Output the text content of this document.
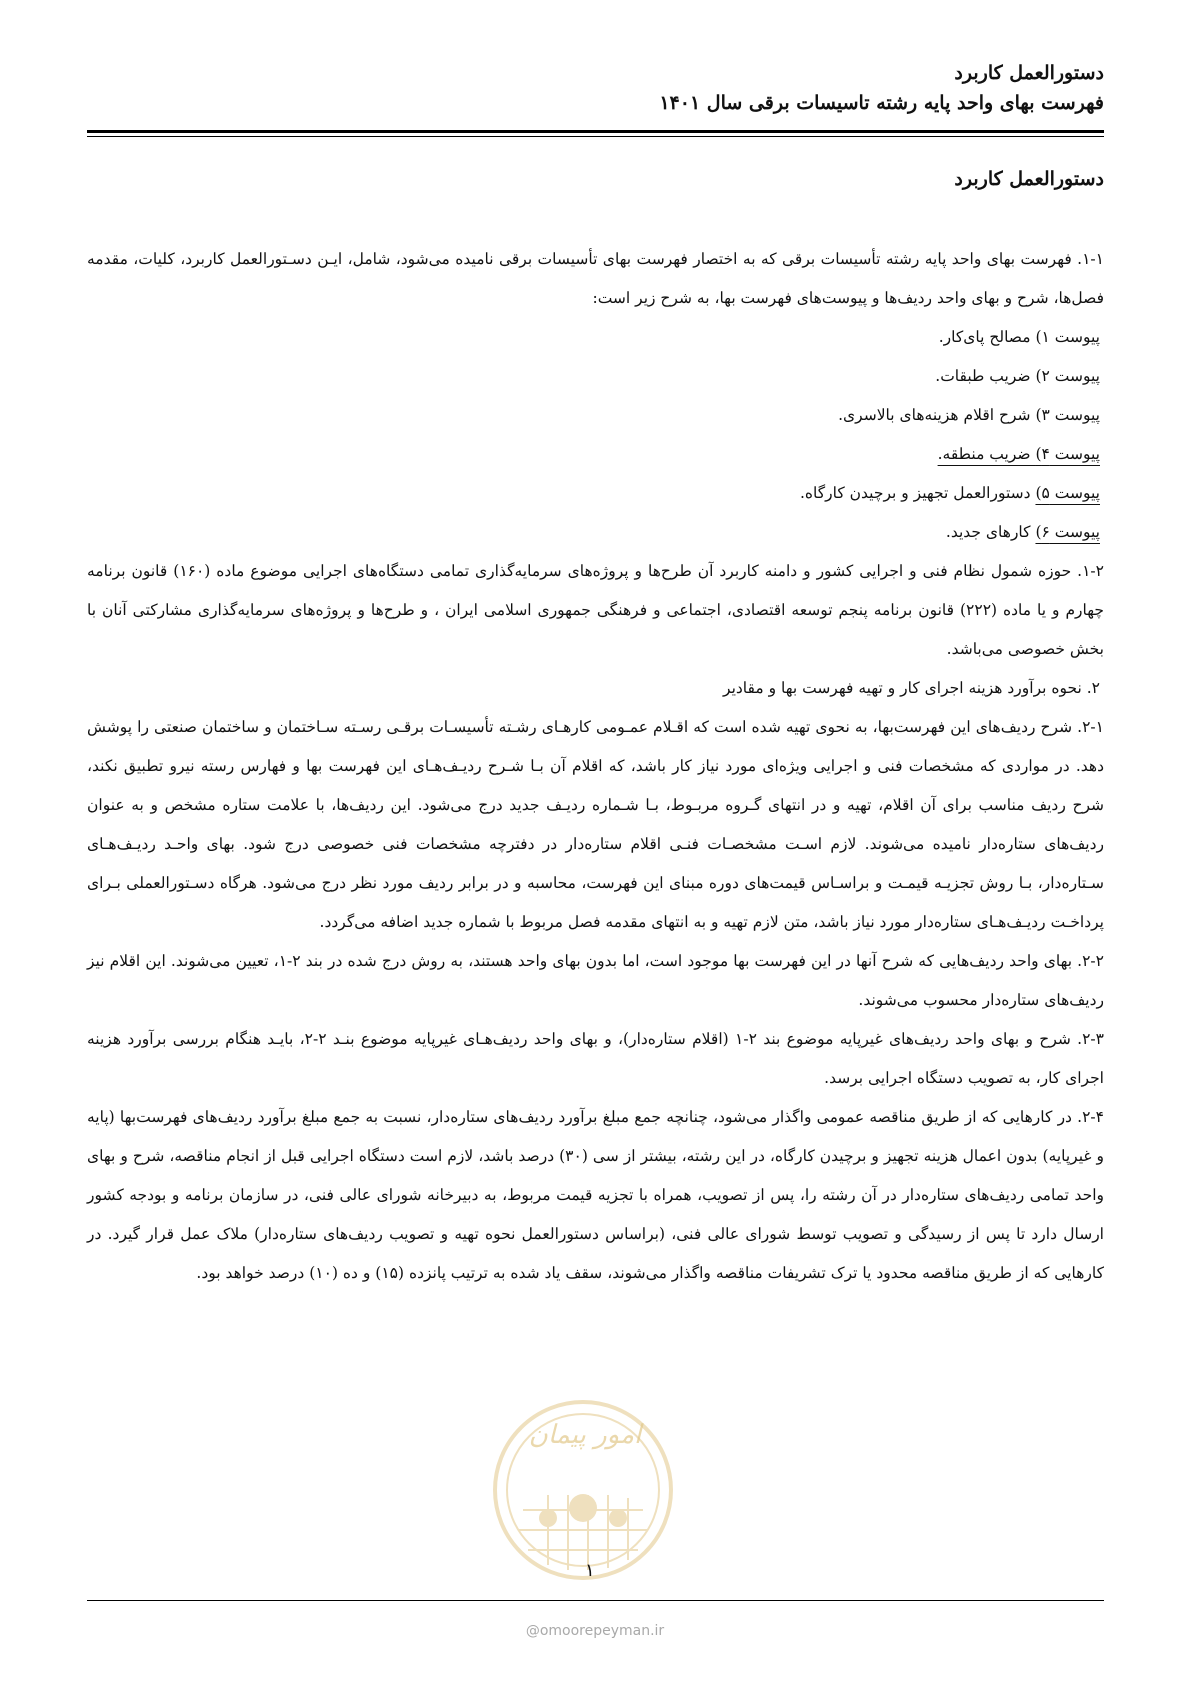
دستورالعمل کاربرد
فهرست بهای واحد پایه رشته تاسیسات برقی سال ۱۴۰۱
دستورالعمل کاربرد

۱-۱. فهرست بهای واحد پایه رشته تأسیسات برقی که به اختصار فهرست بهای تأسیسات برقی نامیده می‌شود، شامل، ایـن دسـتورالعمل کاربرد، کلیات، مقدمه فصل‌ها، شرح و بهای واحد ردیف‌ها و پیوست‌های فهرست بها، به شرح زیر است:

پیوست ۱) مصالح پای‌کار.
پیوست ۲) ضریب طبقات.
پیوست ۳) شرح اقلام هزینه‌های بالاسری.
پیوست ۴) ضریب منطقه.
پیوست ۵) دستورالعمل تجهیز و برچیدن کارگاه.
پیوست ۶) کارهای جدید.

۱-۲. حوزه شمول نظام فنی و اجرایی کشور و دامنه کاربرد آن طرح‌ها و پروژه‌های سرمایه‌گذاری تمامی دستگاه‌های اجرایی موضوع ماده (۱۶۰) قانون برنامه چهارم و یا ماده (۲۲۲) قانون برنامه پنجم توسعه اقتصادی، اجتماعی و فرهنگی جمهوری اسلامی ایران ، و طرح‌ها و پروژه‌های سرمایه‌گذاری مشارکتی آنان با بخش خصوصی می‌باشد.

۲. نحوه برآورد هزینه اجرای کار و تهیه فهرست بها و مقادیر

۲-۱. شرح ردیف‌های این فهرست‌بها، به نحوی تهیه شده است که اقـلام عمـومی کارهـای رشـته تأسیسـات برقـی رسـته سـاختمان و ساختمان صنعتی را پوشش دهد. در مواردی که مشخصات فنی و اجرایی ویژه‌ای مورد نیاز کار باشد، که اقلام آن بـا شـرح ردیـف‌هـای این فهرست بها و فهارس رسته نیرو تطبیق نکند، شرح ردیف مناسب برای آن اقلام، تهیه و در انتهای گـروه مربـوط، بـا شـماره ردیـف جدید درج می‌شود. این ردیف‌ها، با علامت ستاره مشخص و به عنوان ردیف‌های ستاره‌دار نامیده می‌شوند. لازم اسـت مشخصـات فنـی اقلام ستاره‌دار در دفترچه مشخصات فنی خصوصی درج شود. بهای واحـد ردیـف‌هـای سـتاره‌دار، بـا روش تجزیـه قیمـت و براسـاس قیمت‌های دوره مبنای این فهرست، محاسبه و در برابر ردیف مورد نظر درج می‌شود. هرگاه دسـتورالعملی بـرای پرداخـت ردیـف‌هـای ستاره‌دار مورد نیاز باشد، متن لازم تهیه و به انتهای مقدمه فصل مربوط با شماره جدید اضافه می‌گردد.

۲-۲. بهای واحد ردیف‌هایی که شرح آنها در این فهرست بها موجود است، اما بدون بهای واحد هستند، به روش درج شده در بند ۲-۱، تعیین می‌شوند. این اقلام نیز ردیف‌های ستاره‌دار محسوب می‌شوند.

۲-۳. شرح و بهای واحد ردیف‌های غیرپایه موضوع بند ۲-۱ (اقلام ستاره‌دار)، و بهای واحد ردیف‌هـای غیرپایه موضوع بنـد ۲-۲، بایـد هنگام بررسی برآورد هزینه اجرای کار، به تصویب دستگاه اجرایی برسد.

۲-۴. در کارهایی که از طریق مناقصه عمومی واگذار می‌شود، چنانچه جمع مبلغ برآورد ردیف‌های ستاره‌دار، نسبت به جمع مبلغ برآورد ردیف‌های فهرست‌بها (پایه و غیرپایه) بدون اعمال هزینه تجهیز و برچیدن کارگاه، در این رشته، بیشتر از سی (۳۰) درصد باشد، لازم است دستگاه اجرایی قبل از انجام مناقصه، شرح و بهای واحد تمامی ردیف‌های ستاره‌دار در آن رشته را، پس از تصویب، همراه با تجزیه قیمت مربوط، به دبیرخانه شورای عالی فنی، در سازمان برنامه و بودجه کشور ارسال دارد تا پس از رسیدگی و تصویب توسط شورای عالی فنی، (براساس دستورالعمل نحوه تهیه و تصویب ردیف‌های ستاره‌دار) ملاک عمل قرار گیرد. در کارهایی که از طریق مناقصه محدود یا ترک تشریفات مناقصه واگذار می‌شوند، سقف یاد شده به ترتیب پانزده (۱۵) و ده (۱۰) درصد خواهد بود.

امور پیمان
۱
@omoorepeyman.ir
